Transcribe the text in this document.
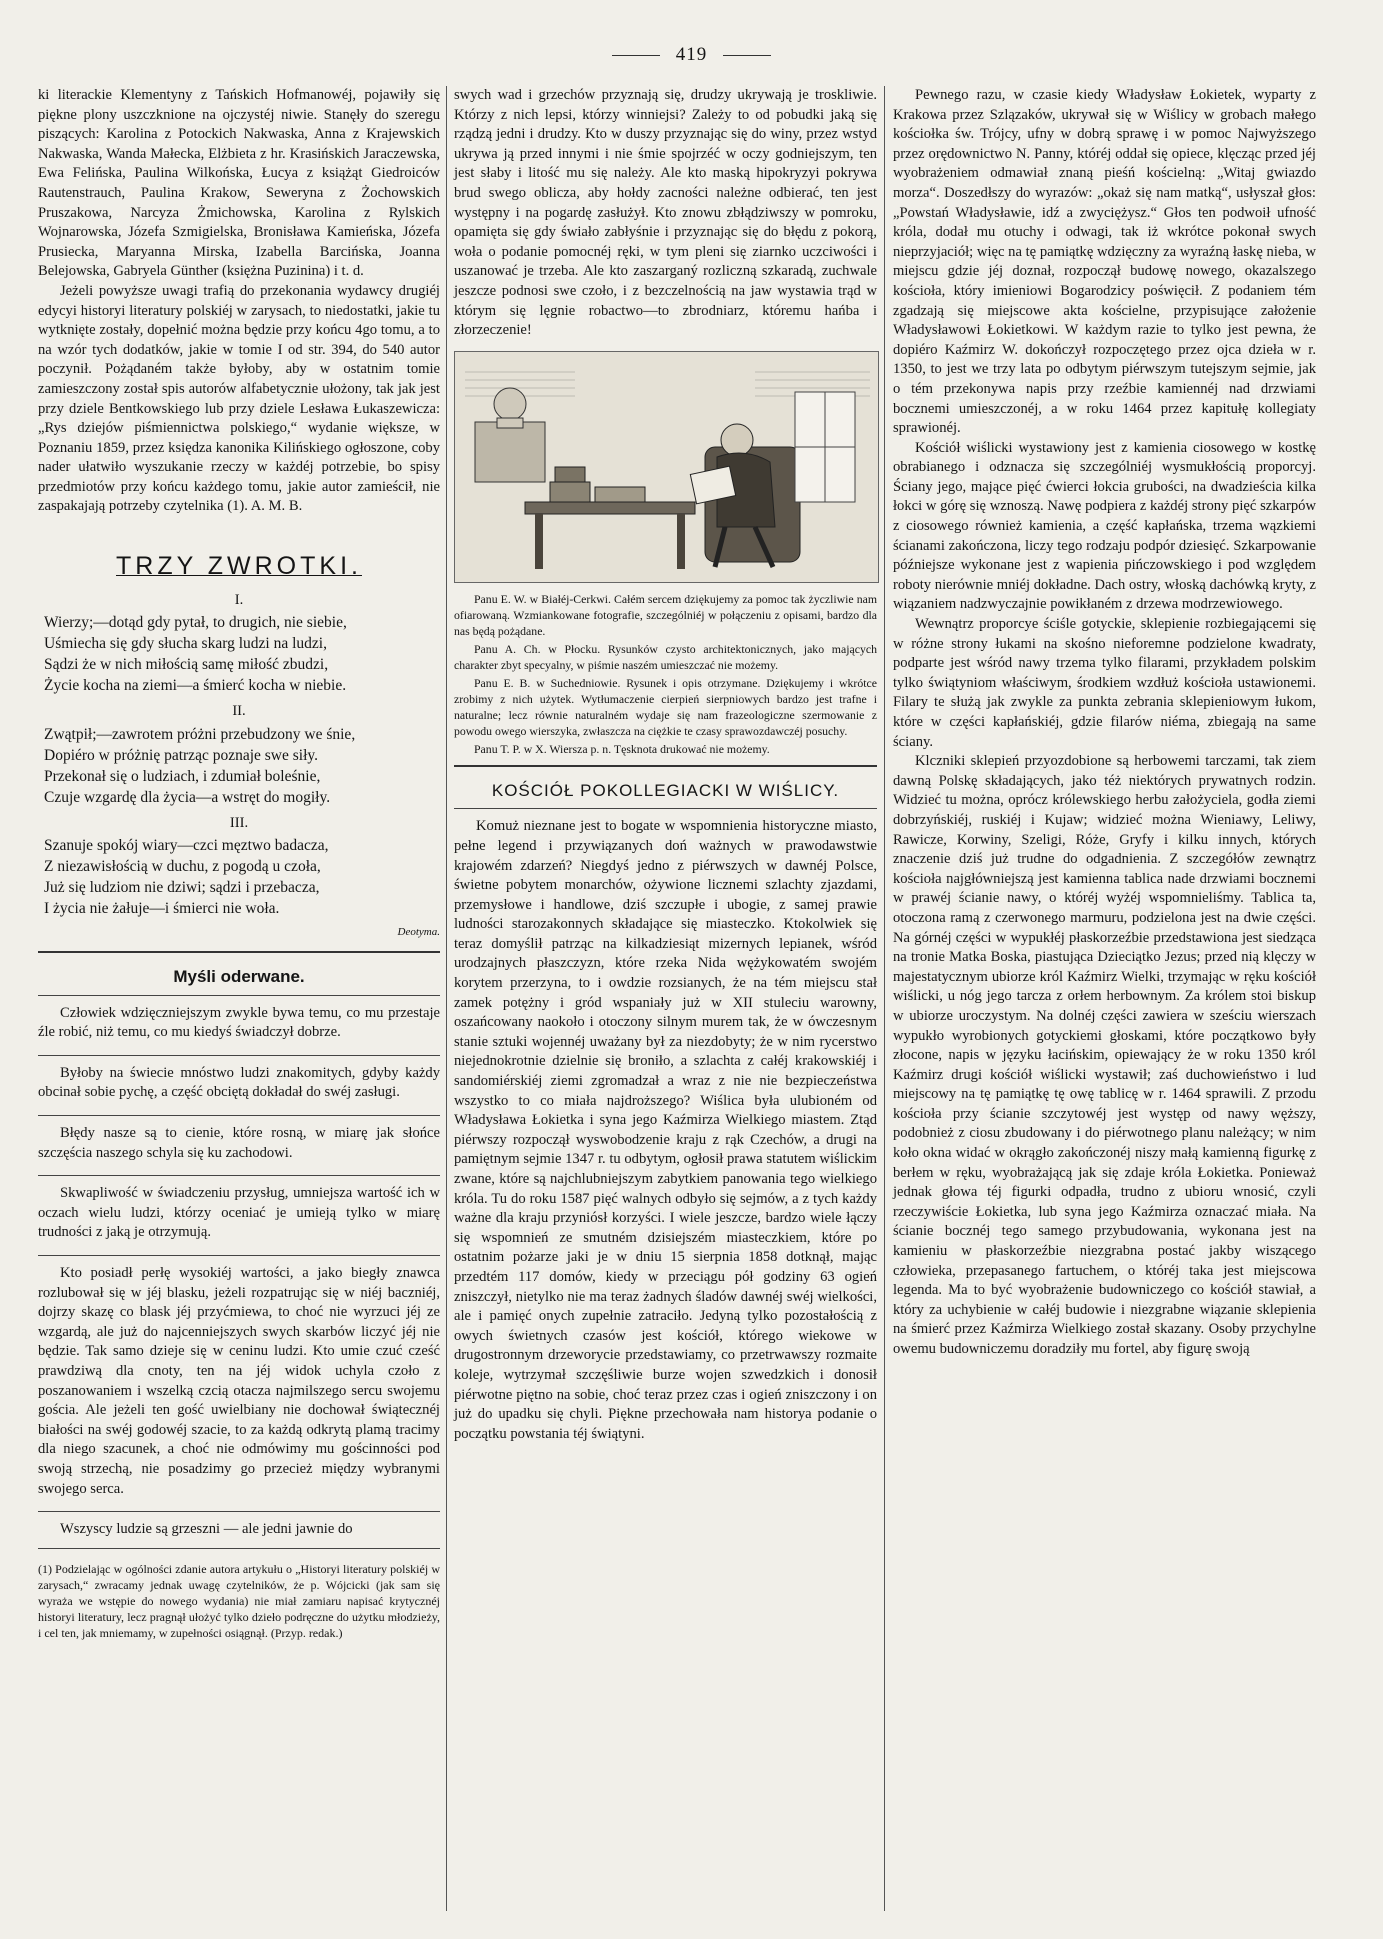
419

ki literackie Klementyny z Tańskich Hofmanowéj, pojawiły się piękne plony uszczknione na ojczystéj niwie. Stanęły do szeregu piszących: Karolina z Potockich Nakwaska, Anna z Krajewskich Nakwaska, Wanda Małecka, Elżbieta z hr. Krasińskich Jaraczewska, Ewa Felińska, Paulina Wilkońska, Łucya z książąt Giedroiców Rautenstrauch, Paulina Krakow, Seweryna z Żochowskich Pruszakowa, Narcyza Żmichowska, Karolina z Rylskich Wojnarowska, Józefa Szmigielska, Bronisława Kamieńska, Józefa Prusiecka, Maryanna Mirska, Izabella Barcińska, Joanna Belejowska, Gabryela Günther (księżna Puzinina) i t. d.

Jeżeli powyższe uwagi trafią do przekonania wydawcy drugiéj edycyi historyi literatury polskiéj w zarysach, to niedostatki, jakie tu wytknięte zostały, dopełnić można będzie przy końcu 4go tomu, a to na wzór tych dodatków, jakie w tomie I od str. 394, do 540 autor poczynił. Pożądaném także byłoby, aby w ostatnim tomie zamieszczony został spis autorów alfabetycznie ułożony, tak jak jest przy dziele Bentkowskiego lub przy dziele Lesława Łukaszewicza: „Rys dziejów piśmiennictwa polskiego,“ wydanie większe, w Poznaniu 1859, przez księdza kanonika Kilińskiego ogłoszone, coby nader ułatwiło wyszukanie rzeczy w każdéj potrzebie, bo spisy przedmiotów przy końcu każdego tomu, jakie autor zamieścił, nie zaspakajają potrzeby czytelnika (1). A. M. B.

TRZY ZWROTKI.
I.
Wierzy;—dotąd gdy pytał, to drugich, nie siebie,
Uśmiecha się gdy słucha skarg ludzi na ludzi,
Sądzi że w nich miłością samę miłość zbudzi,
Życie kocha na ziemi—a śmierć kocha w niebie.
II.
Zwątpił;—zawrotem próżni przebudzony we śnie,
Dopiéro w próżnię patrząc poznaje swe siły.
Przekonał się o ludziach, i zdumiał boleśnie,
Czuje wzgardę dla życia—a wstręt do mogiły.
III.
Szanuje spokój wiary—czci męztwo badacza,
Z niezawisłością w duchu, z pogodą u czoła,
Już się ludziom nie dziwi; sądzi i przebacza,
I życia nie żałuje—i śmierci nie woła.
Deotyma.
Myśli oderwane.

Człowiek wdzięczniejszym zwykle bywa temu, co mu przestaje źle robić, niż temu, co mu kiedyś świadczył dobrze.

Byłoby na świecie mnóstwo ludzi znakomitych, gdyby każdy obcinał sobie pychę, a część obciętą dokładał do swéj zasługi.

Błędy nasze są to cienie, które rosną, w miarę jak słońce szczęścia naszego schyla się ku zachodowi.

Skwapliwość w świadczeniu przysług, umniejsza wartość ich w oczach wielu ludzi, którzy oceniać je umieją tylko w miarę trudności z jaką je otrzymują.

Kto posiadł perłę wysokiéj wartości, a jako biegły znawca rozlubował się w jéj blasku, jeżeli rozpatrując się w niéj baczniéj, dojrzy skazę co blask jéj przyćmiewa, to choć nie wyrzuci jéj ze wzgardą, ale już do najcenniejszych swych skarbów liczyć jéj nie będzie. Tak samo dzieje się w ceninu ludzi. Kto umie czuć cześć prawdziwą dla cnoty, ten na jéj widok uchyla czoło z poszanowaniem i wszelką czcią otacza najmilszego sercu swojemu gościa. Ale jeżeli ten gość uwielbiany nie dochował świątecznéj białości na swéj godowéj szacie, to za każdą odkrytą plamą tracimy dla niego szacunek, a choć nie odmówimy mu gościnności pod swoją strzechą, nie posadzimy go przecież między wybranymi swojego serca.

Wszyscy ludzie są grzeszni — ale jedni jawnie do

(1) Podzielając w ogólności zdanie autora artykułu o „Historyi literatury polskiéj w zarysach,“ zwracamy jednak uwagę czytelników, że p. Wójcicki (jak sam się wyraża we wstępie do nowego wydania) nie miał zamiaru napisać krytycznéj historyi literatury, lecz pragnął ułożyć tylko dzieło podręczne do użytku młodzieży, i cel ten, jak mniemamy, w zupełności osiągnął. (Przyp. redak.)

swych wad i grzechów przyznają się, drudzy ukrywają je troskliwie. Którzy z nich lepsi, którzy winniejsi? Zależy to od pobudki jaką się rządzą jedni i drudzy. Kto w duszy przyznając się do winy, przez wstyd ukrywa ją przed innymi i nie śmie spojrzéć w oczy godniejszym, ten jest słaby i litość mu się należy. Ale kto maską hipokryzyi pokrywa brud swego oblicza, aby hołdy zacności należne odbierać, ten jest występny i na pogardę zasłużył. Kto znowu zbłądziwszy w pomroku, opamięta się gdy świało zabłyśnie i przyznając się do błędu z pokorą, woła o podanie pomocnéj ręki, w tym pleni się ziarnko uczciwości i uszanować je trzeba. Ale kto zaszarganý rozliczną szkaradą, zuchwale jeszcze podnosi swe czoło, i z bezczelnością na jaw wystawia trąd w którym się lęgnie robactwo—to zbrodniarz, któremu hańba i złorzeczenie!

Panu E. W. w Białéj-Cerkwi. Całém sercem dziękujemy za pomoc tak życzliwie nam ofiarowaną. Wzmiankowane fotografie, szczególniéj w połączeniu z opisami, bardzo dla nas będą pożądane.

Panu A. Ch. w Płocku. Rysunków czysto architektonicznych, jako mających charakter zbyt specyalny, w piśmie naszém umieszczać nie możemy.

Panu E. B. w Suchedniowie. Rysunek i opis otrzymane. Dziękujemy i wkrótce zrobimy z nich użytek. Wytłumaczenie cierpień sierpniowych bardzo jest trafne i naturalne; lecz równie naturalném wydaje się nam frazeologiczne szermowanie z powodu owego wierszyka, zwłaszcza na ciężkie te czasy sprawozdawczéj posuchy.

Panu T. P. w X. Wiersza p. n. Tęsknota drukować nie możemy.

KOŚCIÓŁ POKOLLEGIACKI W WIŚLICY.

Komuż nieznane jest to bogate w wspomnienia historyczne miasto, pełne legend i przywiązanych doń ważnych w prawodawstwie krajowém zdarzeń? Niegdyś jedno z piérwszych w dawnéj Polsce, świetne pobytem monarchów, ożywione licznemi szlachty zjazdami, przemysłowe i handlowe, dziś szczupłe i ubogie, z samej prawie ludności starozakonnych składające się miasteczko. Ktokolwiek się teraz domyślił patrząc na kilkadziesiąt mizernych lepianek, wśród urodzajnych płaszczyzn, które rzeka Nida wężykowatém swojém korytem przerzyna, to i owdzie rozsianych, że na tém miejscu stał zamek potężny i gród wspaniały już w XII stuleciu warowny, oszańcowany naokoło i otoczony silnym murem tak, że w ówczesnym stanie sztuki wojennéj uważany był za niezdobyty; że w nim rycerstwo niejednokrotnie dzielnie się broniło, a szlachta z całéj krakowskiéj i sandomiérskiéj ziemi zgromadzał a wraz z nie nie bezpieczeństwa wszystko to co miała najdroższego? Wiślica była ulubioném od Władysława Łokietka i syna jego Kaźmirza Wielkiego miastem. Ztąd piérwszy rozpoczął wyswobodzenie kraju z rąk Czechów, a drugi na pamiętnym sejmie 1347 r. tu odbytym, ogłosił prawa statutem wiślickim zwane, które są najchlubniejszym zabytkiem panowania tego wielkiego króla. Tu do roku 1587 pięć walnych odbyło się sejmów, a z tych każdy ważne dla kraju przyniósł korzyści. I wiele jeszcze, bardzo wiele łączy się wspomnień ze smutném dzisiejszém miasteczkiem, które po ostatnim pożarze jaki je w dniu 15 sierpnia 1858 dotknął, mając przedtém 117 domów, kiedy w przeciągu pół godziny 63 ogień zniszczył, nietylko nie ma teraz żadnych śladów dawnéj swéj wielkości, ale i pamięć onych zupełnie zatraciło. Jedyną tylko pozostałością z owych świetnych czasów jest kościół, którego wiekowe w drugostronnym drzeworycie przedstawiamy, co przetrwawszy rozmaite koleje, wytrzymał szczęśliwie burze wojen szwedzkich i donosił piérwotne piętno na sobie, choć teraz przez czas i ogień zniszczony i on już do upadku się chyli. Piękne przechowała nam historya podanie o początku powstania téj świątyni.

Pewnego razu, w czasie kiedy Władysław Łokietek, wyparty z Krakowa przez Szlązaków, ukrywał się w Wiślicy w grobach małego kościołka św. Trójcy, ufny w dobrą sprawę i w pomoc Najwyższego przez orędownictwo N. Panny, któréj oddał się opiece, klęcząc przed jéj wyobrażeniem odmawiał znaną pieśń kościelną: „Witaj gwiazdo morza“. Doszedłszy do wyrazów: „okaż się nam matką“, usłyszał głos: „Powstań Władysławie, idź a zwyciężysz.“ Głos ten podwoił ufność króla, dodał mu otuchy i odwagi, tak iż wkrótce pokonał swych nieprzyjaciół; więc na tę pamiątkę wdzięczny za wyraźną łaskę nieba, w miejscu gdzie jéj doznał, rozpoczął budowę nowego, okazalszego kościoła, który imieniowi Bogarodzicy poświęcił. Z podaniem tém zgadzają się miejscowe akta kościelne, przypisujące założenie Władysławowi Łokietkowi. W każdym razie to tylko jest pewna, że dopiéro Kaźmirz W. dokończył rozpoczętego przez ojca dzieła w r. 1350, to jest we trzy lata po odbytym piérwszym tutejszym sejmie, jak o tém przekonywa napis przy rzeźbie kamiennéj nad drzwiami bocznemi umieszczonéj, a w roku 1464 przez kapitułę kollegiaty sprawionéj.

Kościół wiślicki wystawiony jest z kamienia ciosowego w kostkę obrabianego i odznacza się szczególniéj wysmukłością proporcyj. Ściany jego, mające pięć ćwierci łokcia grubości, na dwadzieścia kilka łokci w górę się wznoszą. Nawę podpiera z każdéj strony pięć szkarpów z ciosowego również kamienia, a część kapłańska, trzema wązkiemi ścianami zakończona, liczy tego rodzaju podpór dziesięć. Szkarpowanie późniejsze wykonane jest z wapienia pińczowskiego i pod względem roboty nierównie mniéj dokładne. Dach ostry, włoską dachówką kryty, z wiązaniem nadzwyczajnie powikłaném z drzewa modrzewiowego.

Wewnątrz proporcye ściśle gotyckie, sklepienie rozbiegającemi się w różne strony łukami na skośno nieforemne podzielone kwadraty, podparte jest wśród nawy trzema tylko filarami, przykładem polskim tylko świątyniom właściwym, środkiem wzdłuż kościoła ustawionemi. Filary te służą jak zwykle za punkta zebrania sklepieniowym łukom, które w części kapłańskiéj, gdzie filarów niéma, zbiegają na same ściany.

Klczniki sklepień przyozdobione są herbowemi tarczami, tak ziem dawną Polskę składających, jako téż niektórych prywatnych rodzin. Widzieć tu można, oprócz królewskiego herbu założyciela, godła ziemi dobrzyńskiéj, ruskiéj i Kujaw; widzieć można Wieniawy, Leliwy, Rawicze, Korwiny, Szeligi, Róże, Gryfy i kilku innych, których znaczenie dziś już trudne do odgadnienia. Z szczegółów zewnątrz kościoła najgłówniejszą jest kamienna tablica nade drzwiami bocznemi w prawéj ścianie nawy, o któréj wyżéj wspomnieliśmy. Tablica ta, otoczona ramą z czerwonego marmuru, podzielona jest na dwie części. Na górnéj części w wypukłéj płaskorzeźbie przedstawiona jest siedząca na tronie Matka Boska, piastująca Dzieciątko Jezus; przed nią klęczy w majestatycznym ubiorze król Kaźmirz Wielki, trzymając w ręku kościół wiślicki, u nóg jego tarcza z orłem herbownym. Za królem stoi biskup w ubiorze uroczystym. Na dolnéj części zawiera w sześciu wierszach wypukło wyrobionych gotyckiemi głoskami, które początkowo były złocone, napis w języku łacińskim, opiewający że w roku 1350 król Kaźmirz drugi kościół wiślicki wystawił; zaś duchowieństwo i lud miejscowy na tę pamiątkę tę owę tablicę w r. 1464 sprawili. Z przodu kościoła przy ścianie szczytowéj jest występ od nawy węższy, podobnież z ciosu zbudowany i do piérwotnego planu należący; w nim koło okna widać w okrągło zakończonéj niszy małą kamienną figurkę z berłem w ręku, wyobrażającą jak się zdaje króla Łokietka. Ponieważ jednak głowa téj figurki odpadła, trudno z ubioru wnosić, czyli rzeczywiście Łokietka, lub syna jego Kaźmirza oznaczać miała. Na ścianie bocznéj tego samego przybudowania, wykonana jest na kamieniu w płaskorzeźbie niezgrabna postać jakby wiszącego człowieka, przepasanego fartuchem, o któréj taka jest miejscowa legenda. Ma to być wyobrażenie budowniczego co kościół stawiał, a który za uchybienie w całéj budowie i niezgrabne wiązanie sklepienia na śmierć przez Kaźmirza Wielkiego został skazany. Osoby przychylne owemu budowniczemu doradziły mu fortel, aby figurę swoją
